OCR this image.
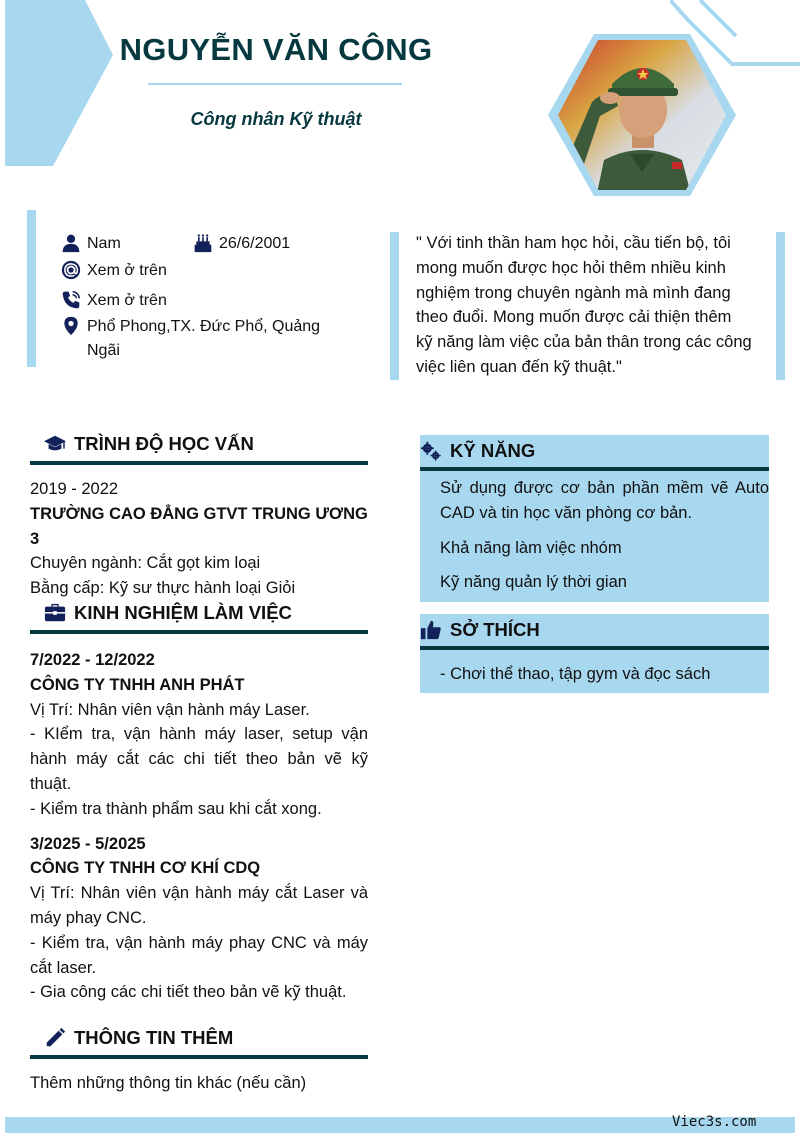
NGUYỄN VĂN CÔNG
Công nhân Kỹ thuật
Nam	26/6/2001
Xem ở trên
Xem ở trên
Phổ Phong,TX. Đức Phổ, Quảng Ngãi
" Với tinh thần ham học hỏi, cầu tiến bộ, tôi mong muốn được học hỏi thêm nhiều kinh nghiệm trong chuyên ngành mà mình đang theo đuổi. Mong muốn được cải thiện thêm kỹ năng làm việc của bản thân trong các công việc liên quan đến kỹ thuật."
TRÌNH ĐỘ HỌC VẤN
2019 - 2022
TRƯỜNG CAO ĐẲNG GTVT TRUNG ƯƠNG 3
Chuyên ngành: Cắt gọt kim loại
Bằng cấp: Kỹ sư thực hành loại Giỏi
KINH NGHIỆM LÀM VIỆC
7/2022 - 12/2022
CÔNG TY TNHH ANH PHÁT
Vị Trí: Nhân viên vận hành máy Laser.
- KIểm tra, vận hành máy laser, setup vận hành máy cắt các chi tiết theo bản vẽ kỹ thuật.
- Kiểm tra thành phẩm sau khi cắt xong.
3/2025 - 5/2025
CÔNG TY TNHH CƠ KHÍ CDQ
Vị Trí: Nhân viên vận hành máy cắt Laser và máy phay CNC.
- Kiểm tra, vận hành máy phay CNC và máy cắt laser.
- Gia công các chi tiết theo bản vẽ kỹ thuật.
THÔNG TIN THÊM
Thêm những thông tin khác (nếu cần)
KỸ NĂNG
Sử dụng được cơ bản phần mềm vẽ Auto CAD và tin học văn phòng cơ bản.
Khả năng làm việc nhóm
Kỹ năng quản lý thời gian
SỞ THÍCH
- Chơi thể thao, tập gym và đọc sách
Viec3s.com
